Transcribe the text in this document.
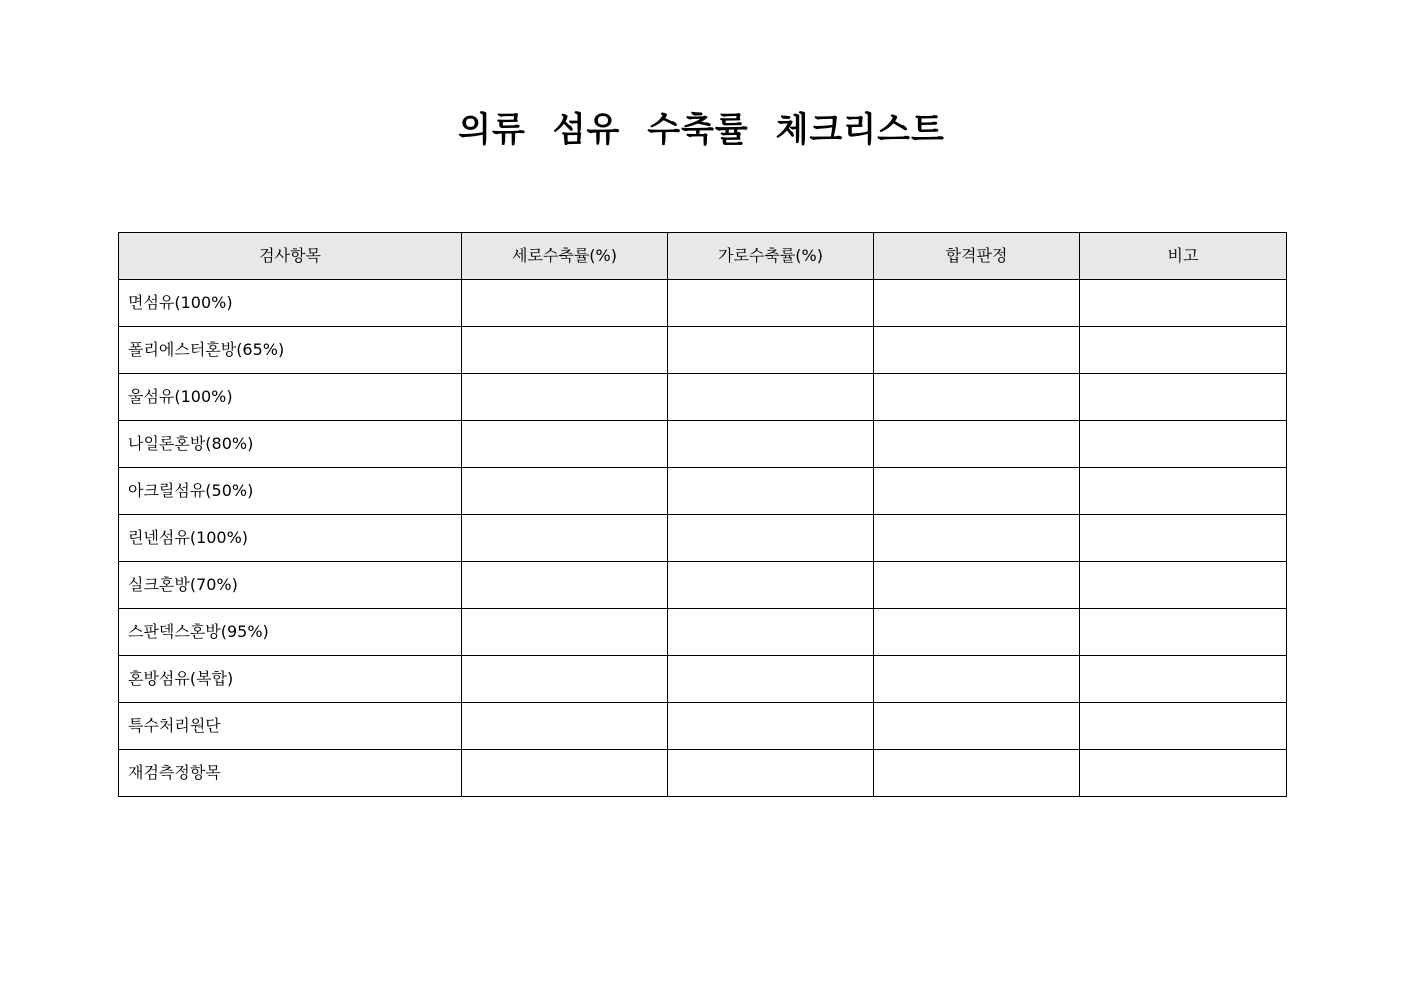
의류 섬유 수축률 체크리스트
검사항목	세로수축률(%)	가로수축률(%)	합격판정	비고
면섬유(100%)				
폴리에스터혼방(65%)				
울섬유(100%)				
나일론혼방(80%)				
아크릴섬유(50%)				
린넨섬유(100%)				
실크혼방(70%)				
스판덱스혼방(95%)				
혼방섬유(복합)				
특수처리원단				
재검측정항목				
